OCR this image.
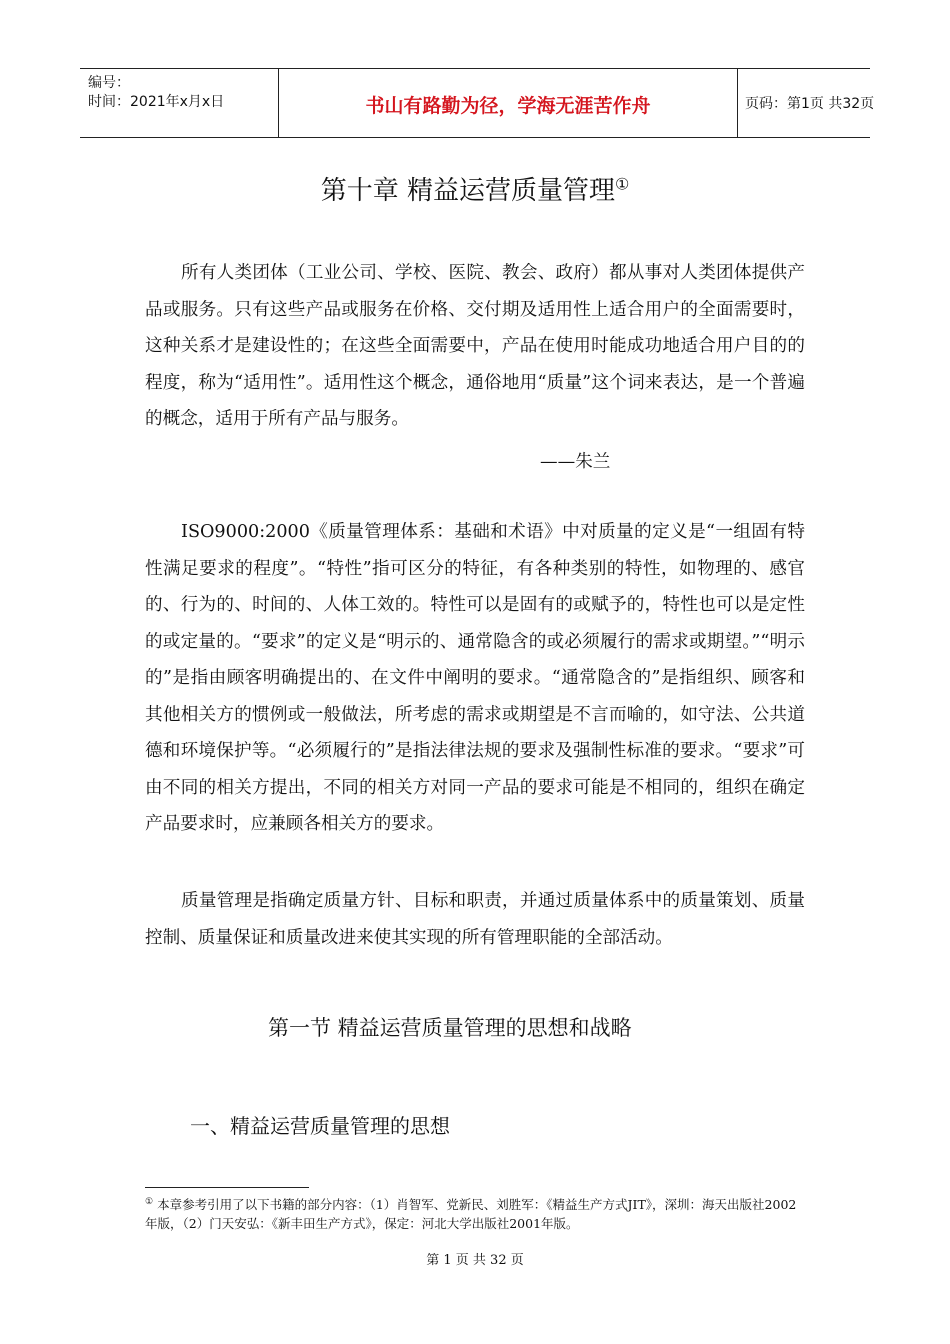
编号：
时间：2021年x月x日	书山有路勤为径，学海无涯苦作舟	页码：第1页 共32页
第十章 精益运营质量管理①

所有人类团体（工业公司、学校、医院、教会、政府）都从事对人类团体提供产品或服务。只有这些产品或服务在价格、交付期及适用性上适合用户的全面需要时，这种关系才是建设性的；在这些全面需要中，产品在使用时能成功地适合用户目的的程度，称为“适用性”。适用性这个概念，通俗地用“质量”这个词来表达，是一个普遍的概念，适用于所有产品与服务。

——朱兰

ISO9000:2000《质量管理体系：基础和术语》中对质量的定义是“一组固有特性满足要求的程度”。“特性”指可区分的特征，有各种类别的特性，如物理的、感官的、行为的、时间的、人体工效的。特性可以是固有的或赋予的，特性也可以是定性的或定量的。“要求”的定义是“明示的、通常隐含的或必须履行的需求或期望。”“明示的”是指由顾客明确提出的、在文件中阐明的要求。“通常隐含的”是指组织、顾客和其他相关方的惯例或一般做法，所考虑的需求或期望是不言而喻的，如守法、公共道德和环境保护等。“必须履行的”是指法律法规的要求及强制性标准的要求。“要求”可由不同的相关方提出，不同的相关方对同一产品的要求可能是不相同的，组织在确定产品要求时，应兼顾各相关方的要求。

质量管理是指确定质量方针、目标和职责，并通过质量体系中的质量策划、质量控制、质量保证和质量改进来使其实现的所有管理职能的全部活动。

第一节 精益运营质量管理的思想和战略
一、精益运营质量管理的思想

① 本章参考引用了以下书籍的部分内容：（1）肖智军、党新民、刘胜军：《精益生产方式JIT》，深圳：海天出版社2002年版，（2）门天安弘：《新丰田生产方式》，保定：河北大学出版社2001年版。

第 1 页 共 32 页
